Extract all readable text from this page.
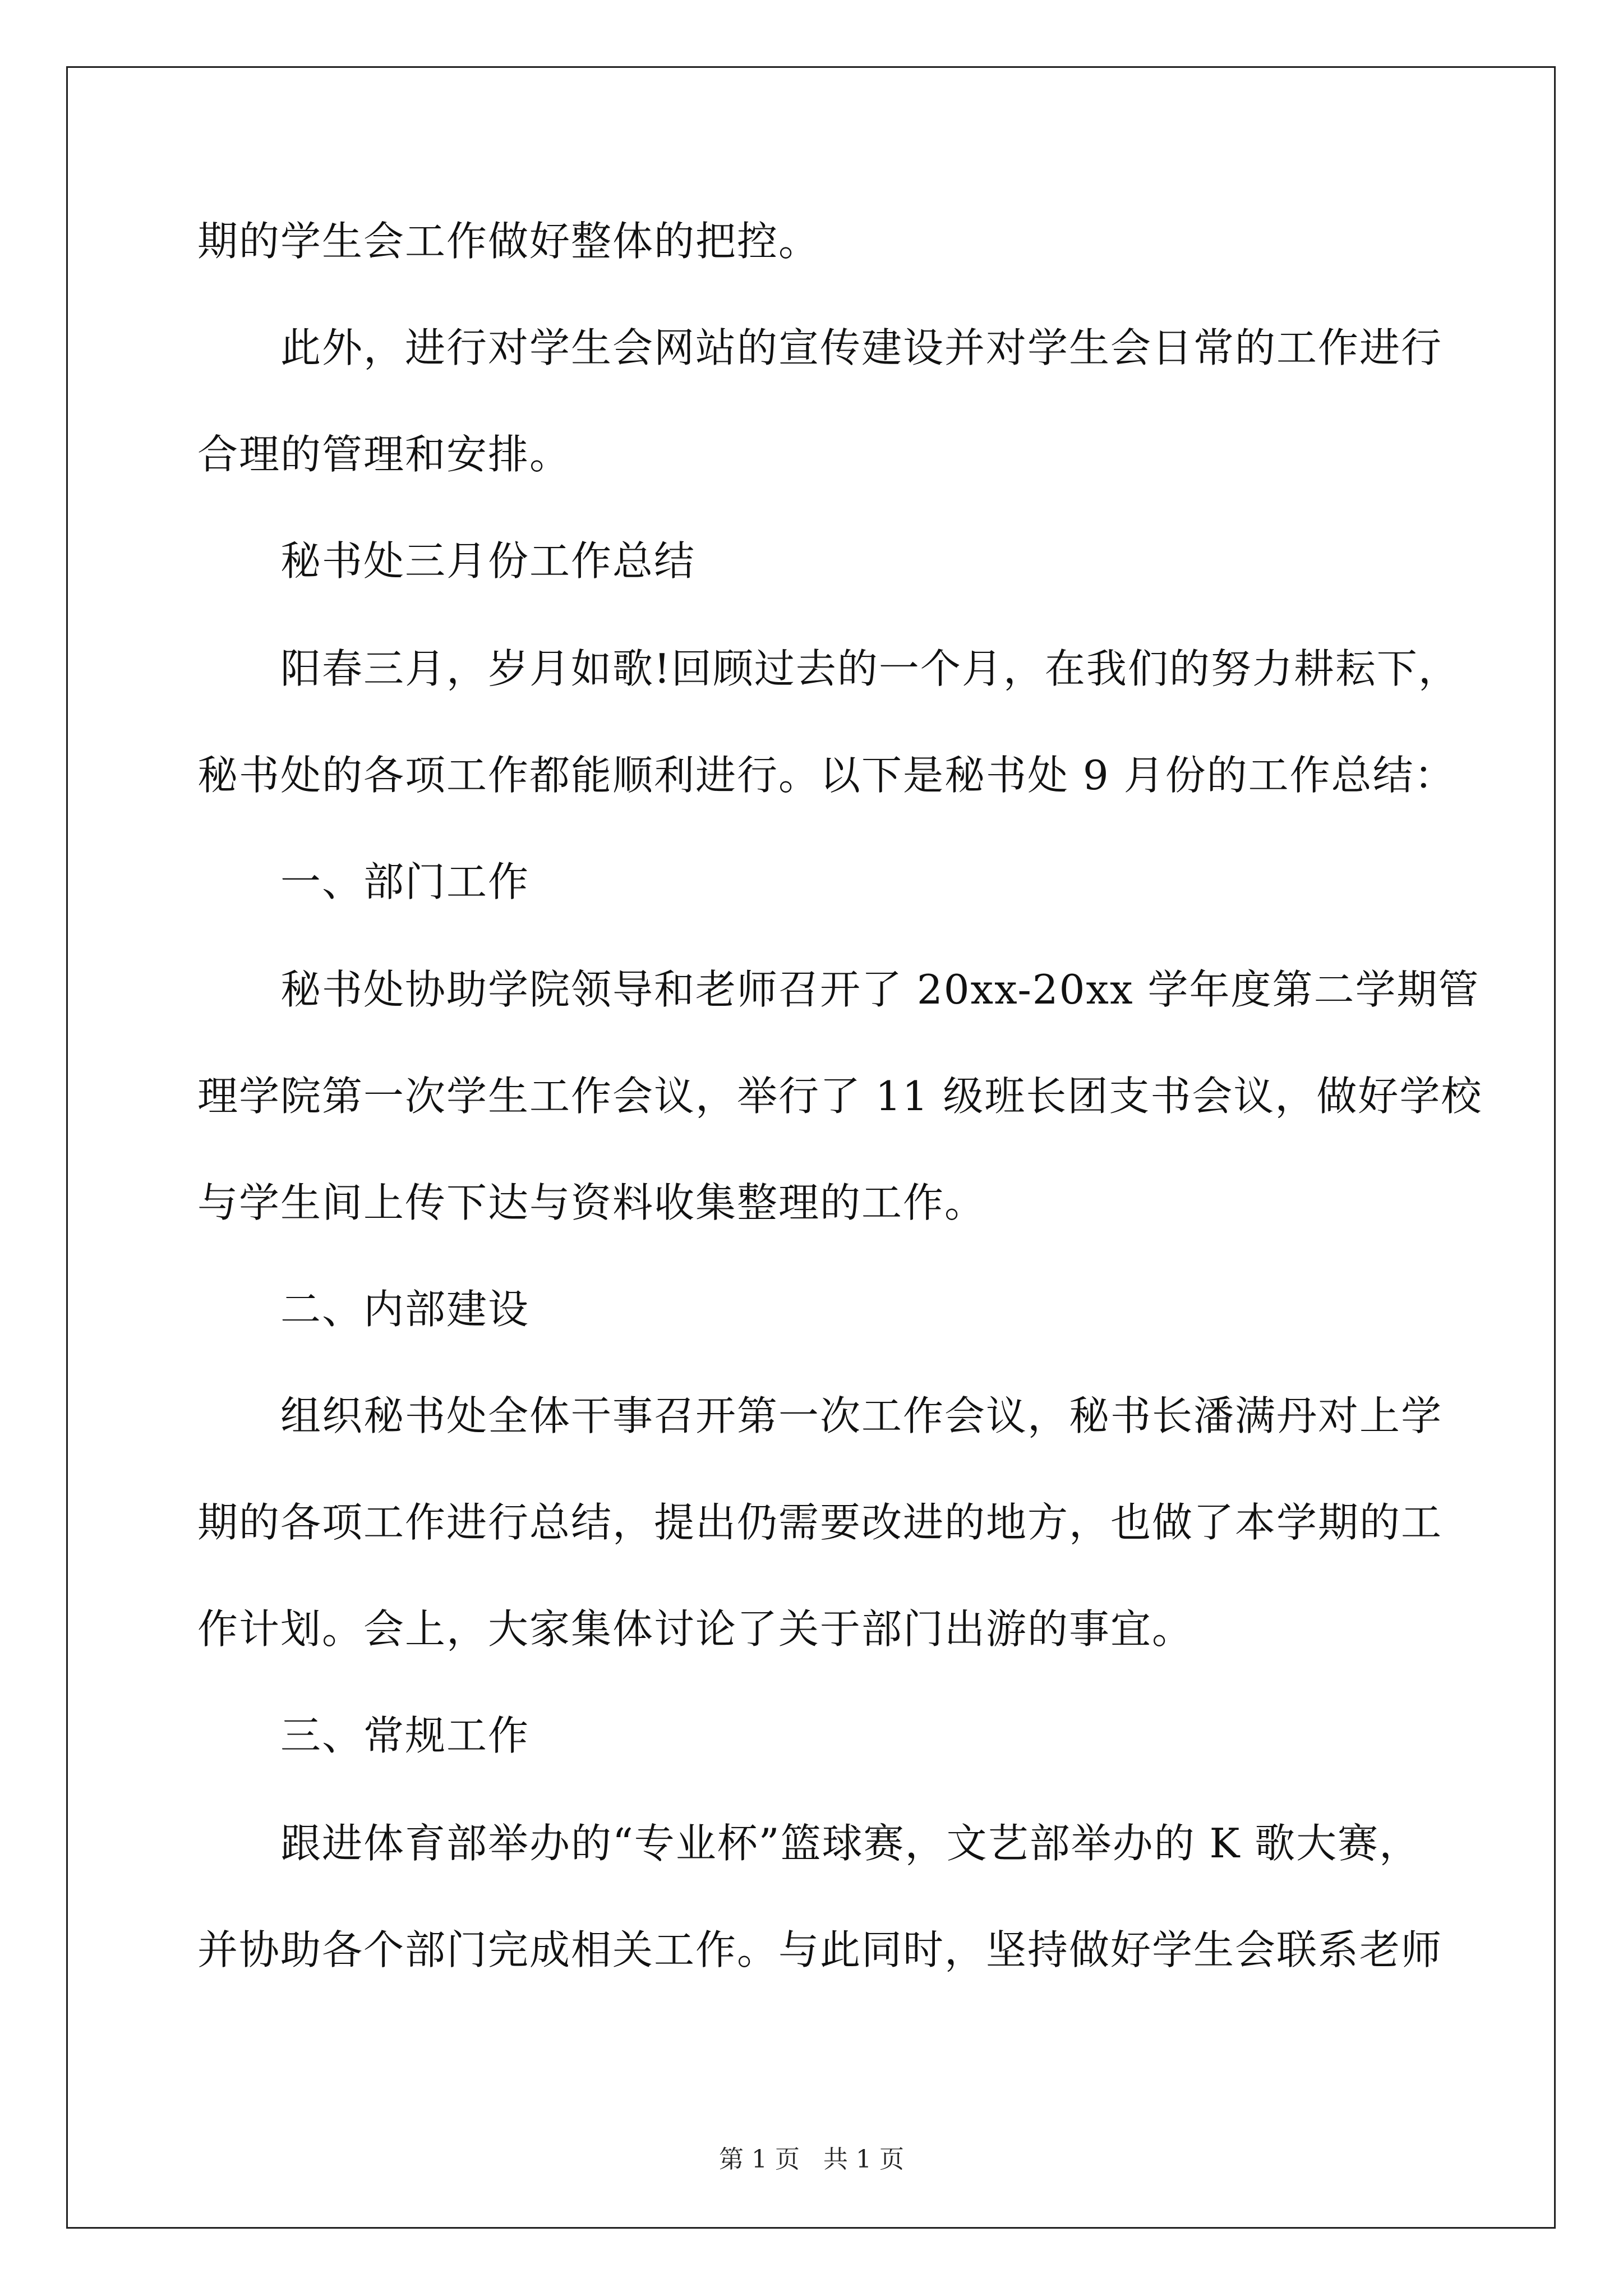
期的学生会工作做好整体的把控。
此外，进行对学生会网站的宣传建设并对学生会日常的工作进行
合理的管理和安排。
秘书处三月份工作总结
阳春三月，岁月如歌!回顾过去的一个月，在我们的努力耕耘下，
秘书处的各项工作都能顺利进行。以下是秘书处 9 月份的工作总结：
一、部门工作
秘书处协助学院领导和老师召开了 20xx-20xx 学年度第二学期管
理学院第一次学生工作会议，举行了 11 级班长团支书会议，做好学校
与学生间上传下达与资料收集整理的工作。
二、内部建设
组织秘书处全体干事召开第一次工作会议，秘书长潘满丹对上学
期的各项工作进行总结，提出仍需要改进的地方，也做了本学期的工
作计划。会上，大家集体讨论了关于部门出游的事宜。
三、常规工作
跟进体育部举办的“专业杯”篮球赛，文艺部举办的 K 歌大赛，
并协助各个部门完成相关工作。与此同时，坚持做好学生会联系老师
第 1 页   共 1 页
